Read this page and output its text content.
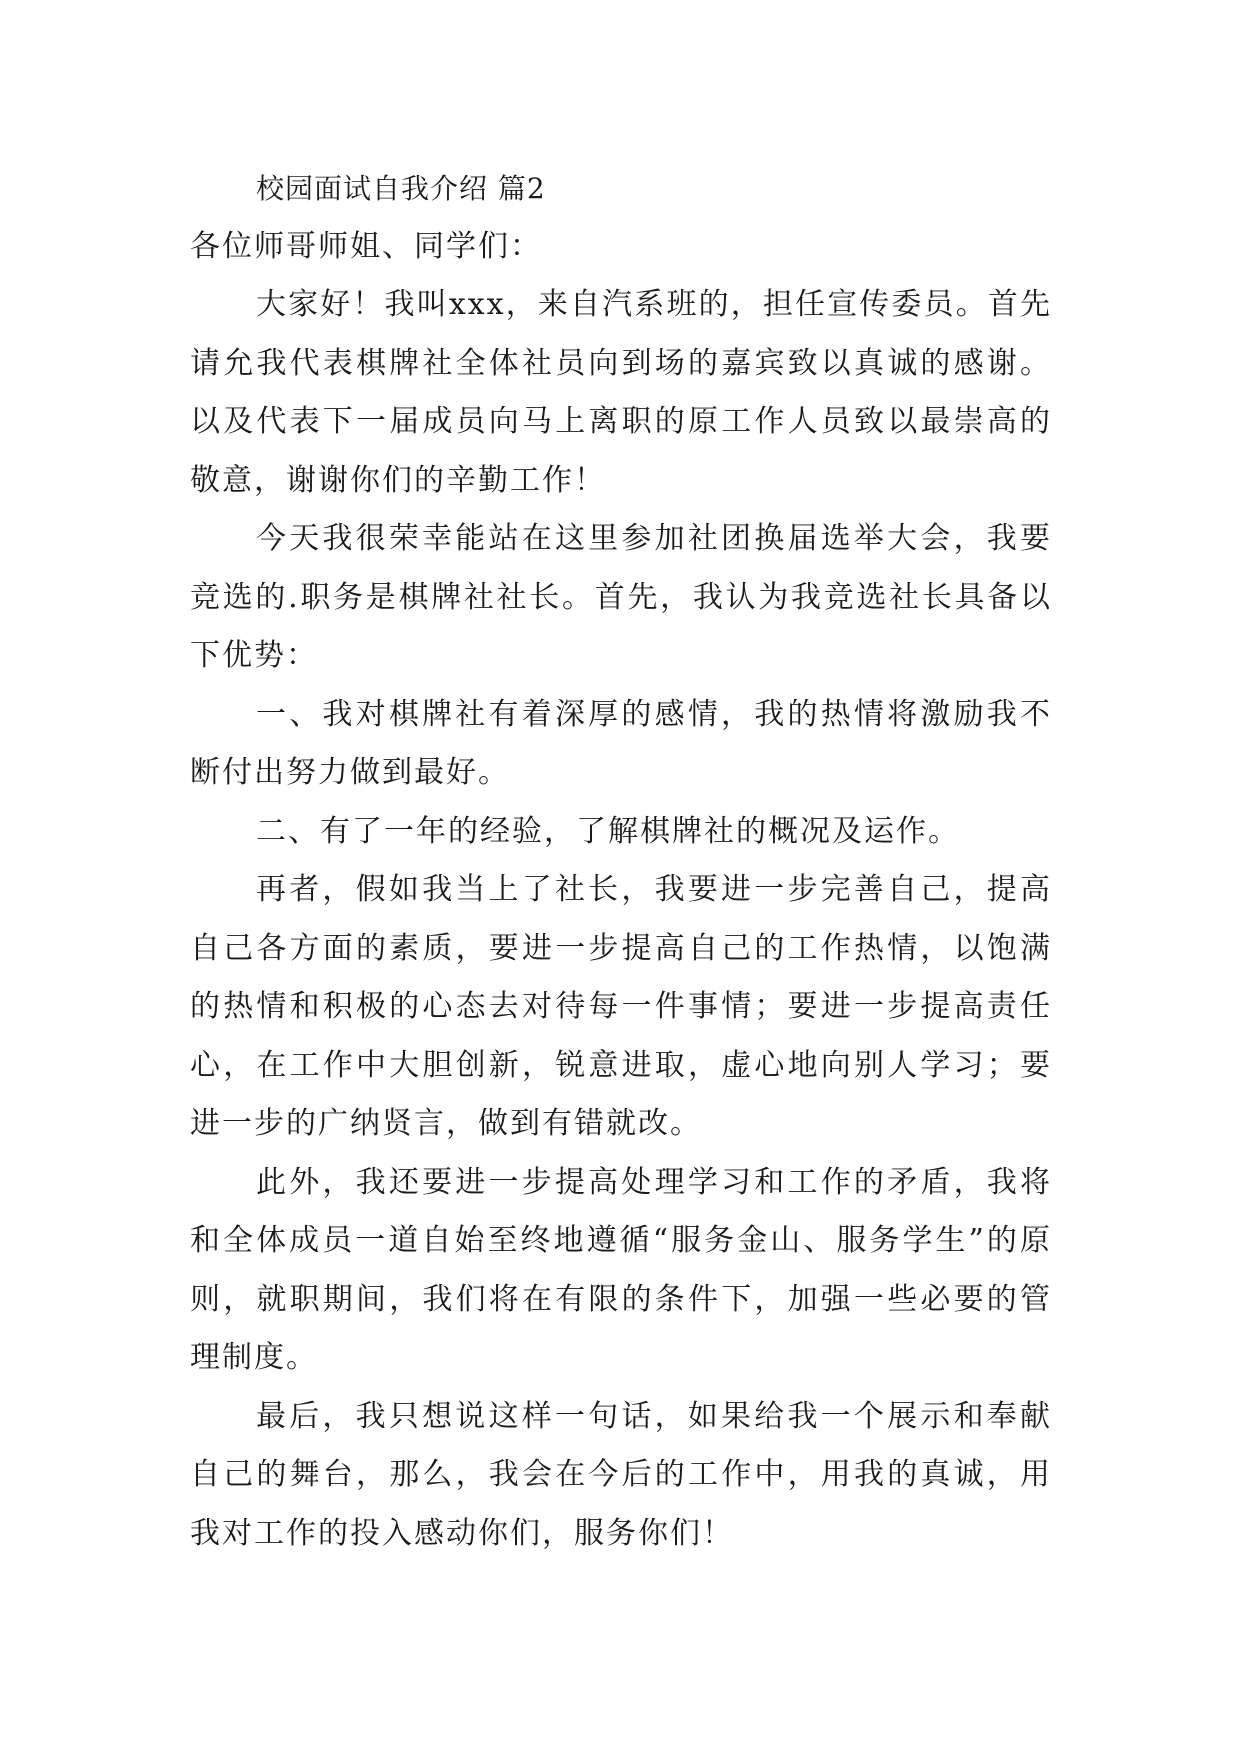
校园面试自我介绍 篇2

各位师哥师姐、同学们：

大家好！我叫xxx，来自汽系班的，担任宣传委员。首先请允我代表棋牌社全体社员向到场的嘉宾致以真诚的感谢。以及代表下一届成员向马上离职的原工作人员致以最崇高的敬意，谢谢你们的辛勤工作！

今天我很荣幸能站在这里参加社团换届选举大会，我要竞选的.职务是棋牌社社长。首先，我认为我竞选社长具备以下优势：

一、我对棋牌社有着深厚的感情，我的热情将激励我不断付出努力做到最好。

二、有了一年的经验，了解棋牌社的概况及运作。

再者，假如我当上了社长，我要进一步完善自己，提高自己各方面的素质，要进一步提高自己的工作热情，以饱满的热情和积极的心态去对待每一件事情；要进一步提高责任心，在工作中大胆创新，锐意进取，虚心地向别人学习；要进一步的广纳贤言，做到有错就改。

此外，我还要进一步提高处理学习和工作的矛盾，我将和全体成员一道自始至终地遵循“服务金山、服务学生”的原则，就职期间，我们将在有限的条件下，加强一些必要的管理制度。

最后，我只想说这样一句话，如果给我一个展示和奉献自己的舞台，那么，我会在今后的工作中，用我的真诚，用我对工作的投入感动你们，服务你们！
